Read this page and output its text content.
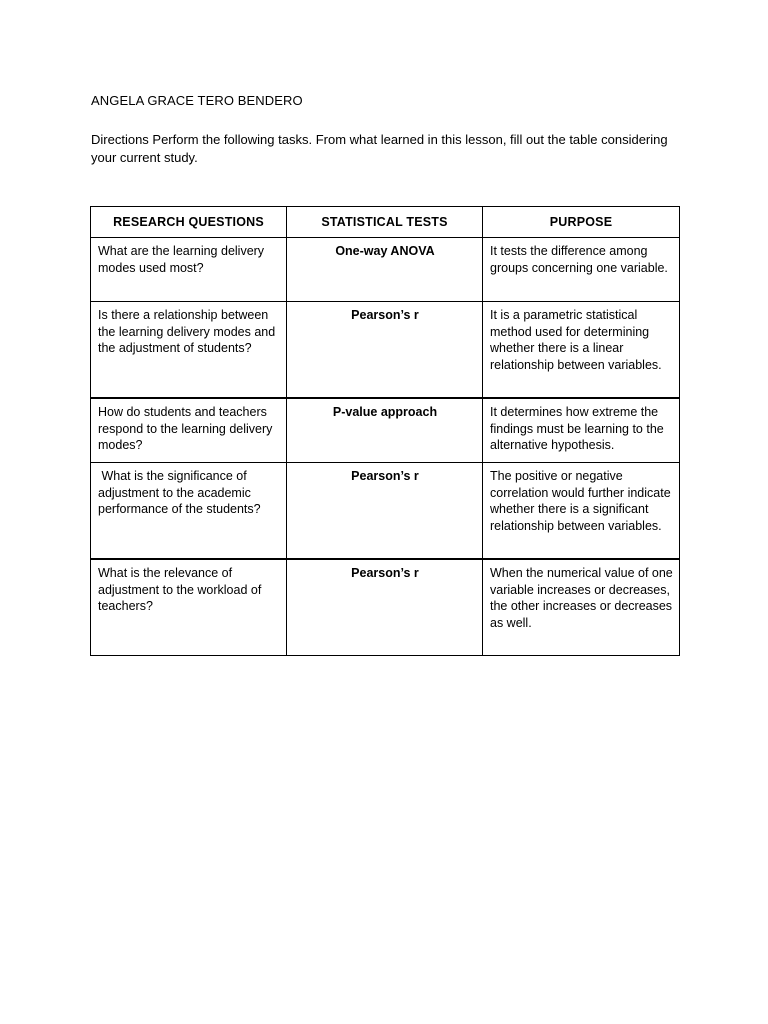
ANGELA GRACE TERO BENDERO
Directions Perform the following tasks. From what learned in this lesson, fill out the table considering your current study.
RESEARCH QUESTIONS	STATISTICAL TESTS	PURPOSE
What are the learning delivery modes used most?	One-way ANOVA	It tests the difference among groups concerning one variable.
Is there a relationship between the learning delivery modes and the adjustment of students?	Pearson’s r	It is a parametric statistical method used for determining whether there is a linear relationship between variables.
How do students and teachers respond to the learning delivery modes?	P-value approach	It determines how extreme the findings must be learning to the alternative hypothesis.
What is the significance of adjustment to the academic performance of the students?	Pearson’s r	The positive or negative correlation would further indicate whether there is a significant relationship between variables.
What is the relevance of adjustment to the workload of teachers?	Pearson’s r	When the numerical value of one variable increases or decreases, the other increases or decreases as well.
